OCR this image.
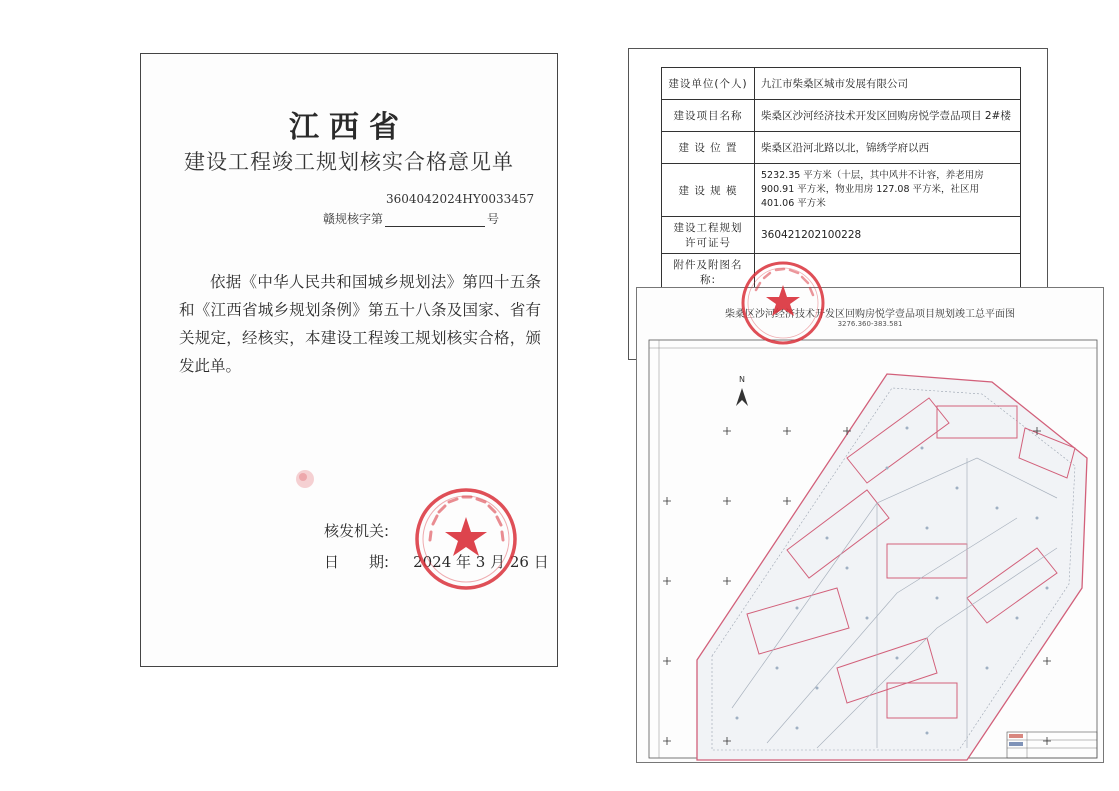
江西省
建设工程竣工规划核实合格意见单
3604042024HY0033457
赣规核字第	号
依据《中华人民共和国城乡规划法》第四十五条和《江西省城乡规划条例》第五十八条及国家、省有关规定，经核实，本建设工程竣工规划核实合格，颁发此单。
核发机关:
日　　期: 2024 年 3 月 26 日
建设单位(个人)	九江市柴桑区城市发展有限公司
建设项目名称	柴桑区沙河经济技术开发区回购房悦学壹品项目 2#楼
建 设 位 置	柴桑区沿河北路以北，锦绣学府以西
建 设 规 模	5232.35 平方米（十层，其中风井不计容，养老用房 900.91 平方米，物业用房 127.08 平方米，社区用 401.06 平方米
建设工程规划许可证号	360421202100228
附件及附图名称:	
柴桑区沙河经济技术开发区回购房悦学壹品项目规划竣工总平面图
3276.360-383.581
N
